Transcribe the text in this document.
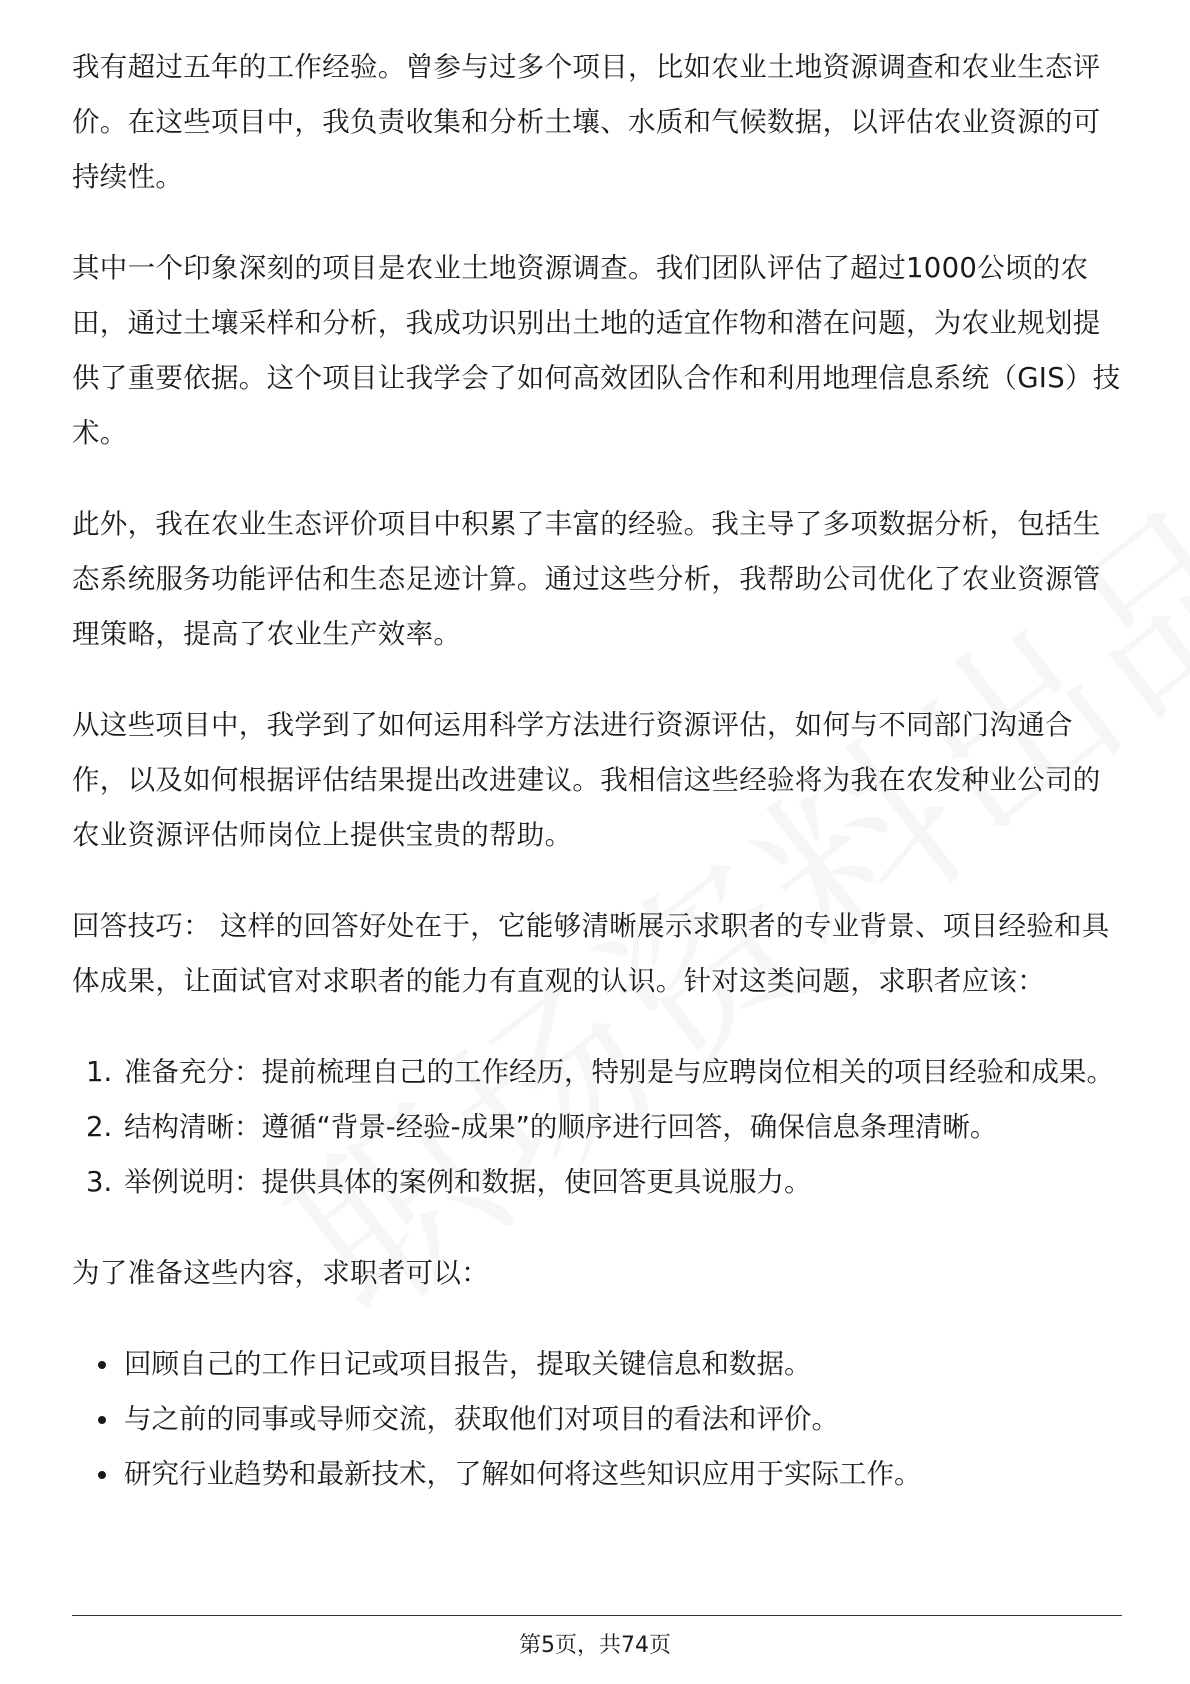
我有超过五年的工作经验。曾参与过多个项目，比如农业土地资源调查和农业生态评价。在这些项目中，我负责收集和分析土壤、水质和气候数据，以评估农业资源的可持续性。

其中一个印象深刻的项目是农业土地资源调查。我们团队评估了超过1000公顷的农田，通过土壤采样和分析，我成功识别出土地的适宜作物和潜在问题，为农业规划提供了重要依据。这个项目让我学会了如何高效团队合作和利用地理信息系统（GIS）技术。

此外，我在农业生态评价项目中积累了丰富的经验。我主导了多项数据分析，包括生态系统服务功能评估和生态足迹计算。通过这些分析，我帮助公司优化了农业资源管理策略，提高了农业生产效率。

从这些项目中，我学到了如何运用科学方法进行资源评估，如何与不同部门沟通合作，以及如何根据评估结果提出改进建议。我相信这些经验将为我在农发种业公司的农业资源评估师岗位上提供宝贵的帮助。

回答技巧： 这样的回答好处在于，它能够清晰展示求职者的专业背景、项目经验和具体成果，让面试官对求职者的能力有直观的认识。针对这类问题，求职者应该：

1. 准备充分：提前梳理自己的工作经历，特别是与应聘岗位相关的项目经验和成果。
2. 结构清晰：遵循“背景-经验-成果”的顺序进行回答，确保信息条理清晰。
3. 举例说明：提供具体的案例和数据，使回答更具说服力。

为了准备这些内容，求职者可以：

回顾自己的工作日记或项目报告，提取关键信息和数据。
与之前的同事或导师交流，获取他们对项目的看法和评价。
研究行业趋势和最新技术，了解如何将这些知识应用于实际工作。
第5页，共74页
